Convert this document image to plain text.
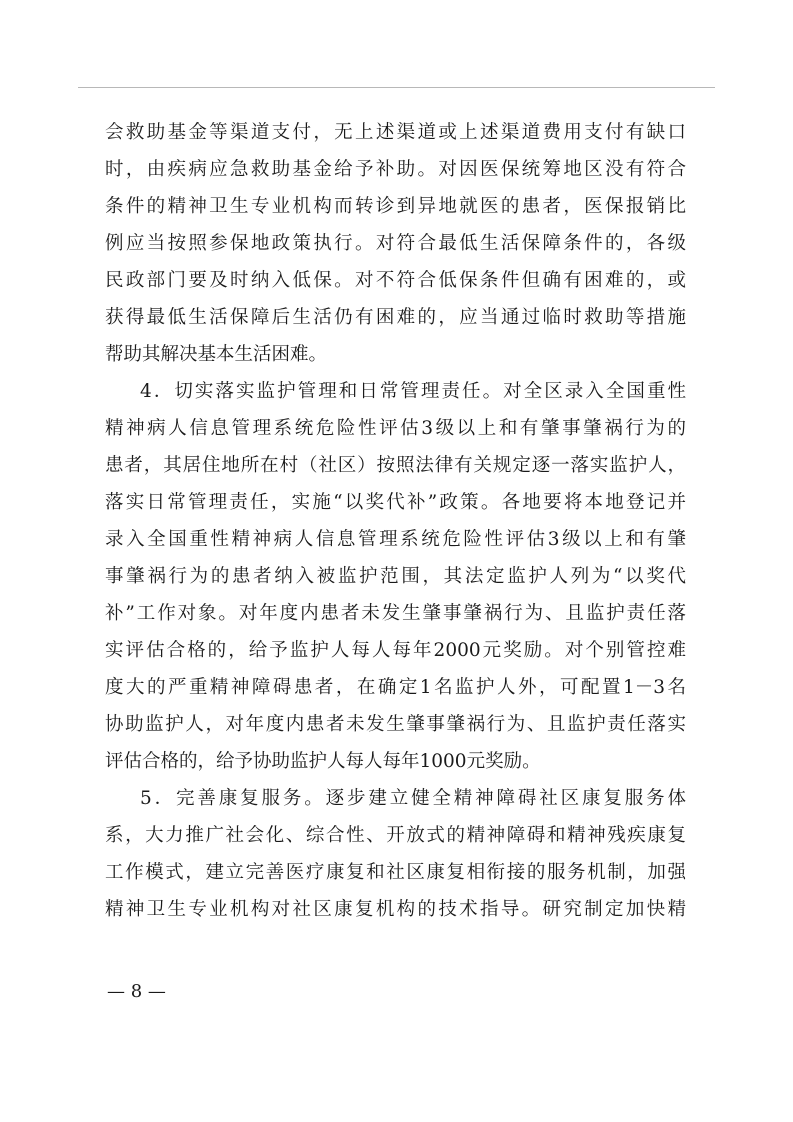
会救助基金等渠道支付，无上述渠道或上述渠道费用支付有缺口
时，由疾病应急救助基金给予补助。对因医保统筹地区没有符合
条件的精神卫生专业机构而转诊到异地就医的患者，医保报销比
例应当按照参保地政策执行。对符合最低生活保障条件的，各级
民政部门要及时纳入低保。对不符合低保条件但确有困难的，或
获得最低生活保障后生活仍有困难的，应当通过临时救助等措施
帮助其解决基本生活困难。
4．切实落实监护管理和日常管理责任。对全区录入全国重性
精神病人信息管理系统危险性评估3级以上和有肇事肇祸行为的
患者，其居住地所在村（社区）按照法律有关规定逐一落实监护人，
落实日常管理责任，实施“以奖代补”政策。各地要将本地登记并
录入全国重性精神病人信息管理系统危险性评估3级以上和有肇
事肇祸行为的患者纳入被监护范围，其法定监护人列为“以奖代
补”工作对象。对年度内患者未发生肇事肇祸行为、且监护责任落
实评估合格的，给予监护人每人每年2000元奖励。对个别管控难
度大的严重精神障碍患者，在确定1名监护人外，可配置1－3名
协助监护人，对年度内患者未发生肇事肇祸行为、且监护责任落实
评估合格的，给予协助监护人每人每年1000元奖励。
5．完善康复服务。逐步建立健全精神障碍社区康复服务体
系，大力推广社会化、综合性、开放式的精神障碍和精神残疾康复
工作模式，建立完善医疗康复和社区康复相衔接的服务机制，加强
精神卫生专业机构对社区康复机构的技术指导。研究制定加快精
— 8 —
